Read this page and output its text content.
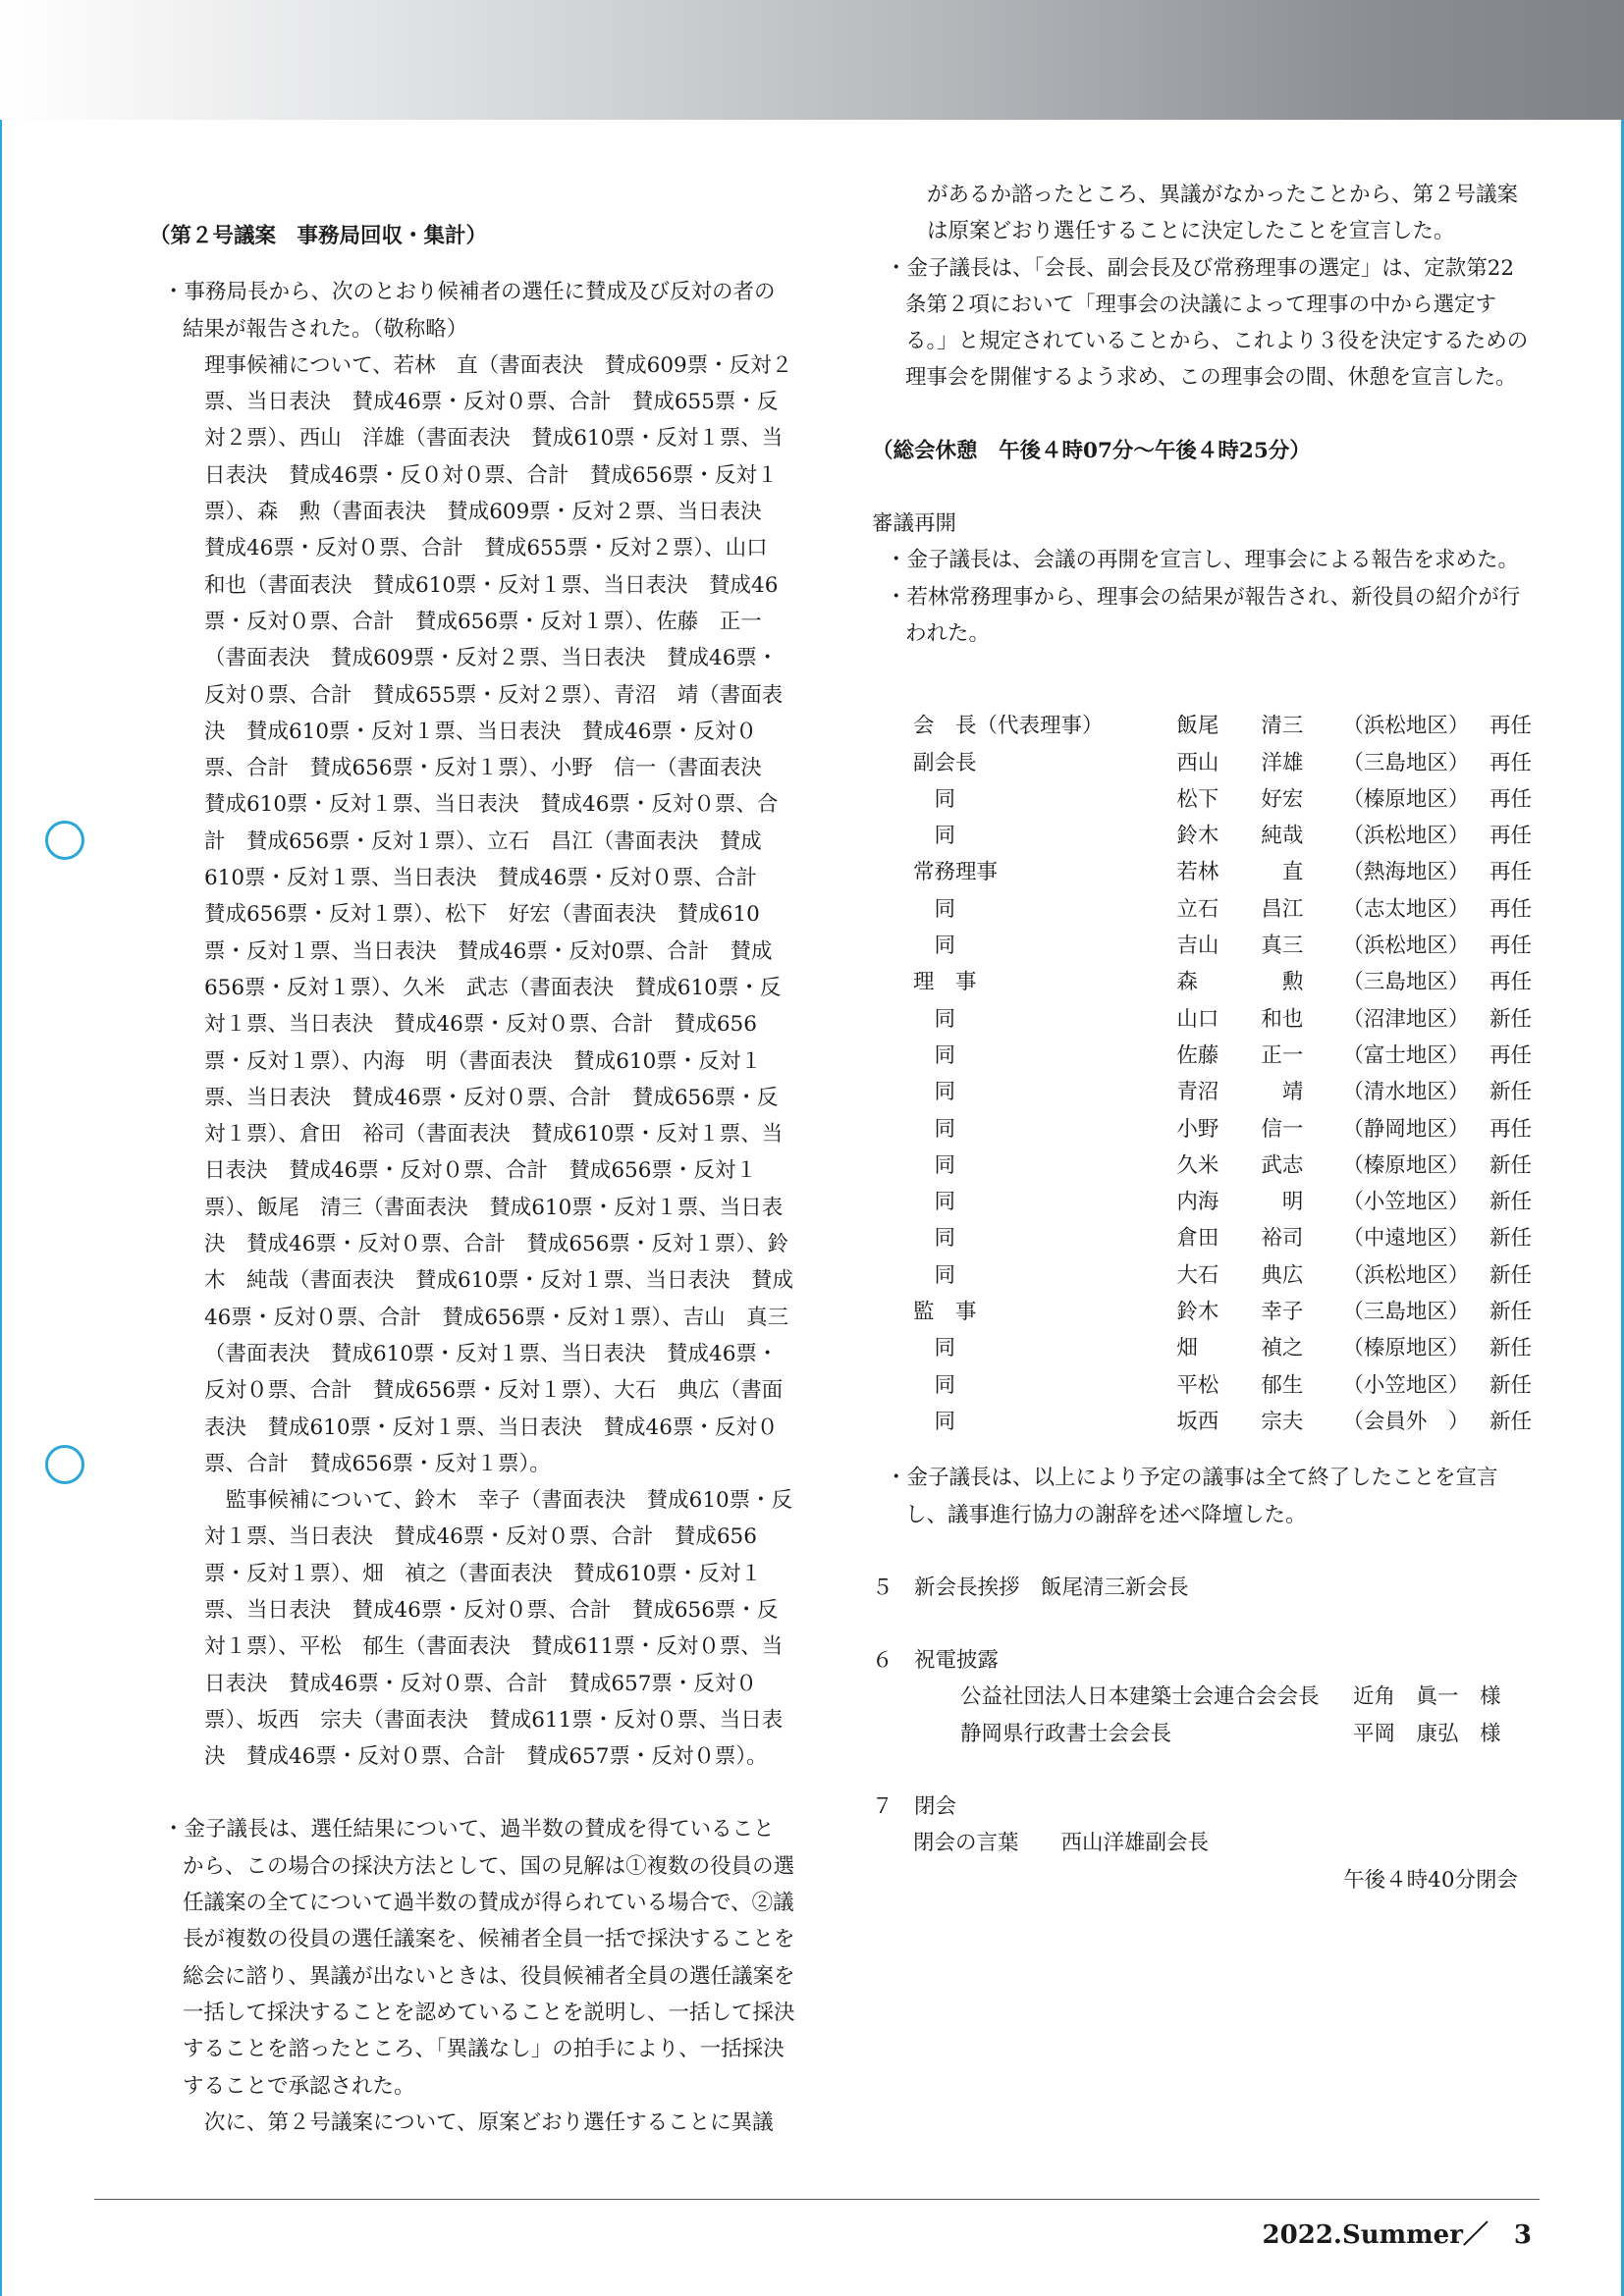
（第２号議案　事務局回収・集計）

・事務局長から、次のとおり候補者の選任に賛成及び反対の者の結果が報告された。（敬称略）

理事候補について、若林　直（書面表決　賛成609票・反対２票、当日表決　賛成46票・反対０票、合計　賛成655票・反対２票）、西山　洋雄（書面表決　賛成610票・反対１票、当日表決　賛成46票・反０対０票、合計　賛成656票・反対１票）、森　勲（書面表決　賛成609票・反対２票、当日表決　賛成46票・反対０票、合計　賛成655票・反対２票）、山口　和也（書面表決　賛成610票・反対１票、当日表決　賛成46票・反対０票、合計　賛成656票・反対１票）、佐藤　正一（書面表決　賛成609票・反対２票、当日表決　賛成46票・反対０票、合計　賛成655票・反対２票）、青沼　靖（書面表決　賛成610票・反対１票、当日表決　賛成46票・反対０票、合計　賛成656票・反対１票）、小野　信一（書面表決　賛成610票・反対１票、当日表決　賛成46票・反対０票、合計　賛成656票・反対１票）、立石　昌江（書面表決　賛成610票・反対１票、当日表決　賛成46票・反対０票、合計　賛成656票・反対１票）、松下　好宏（書面表決　賛成610票・反対１票、当日表決　賛成46票・反対0票、合計　賛成656票・反対１票）、久米　武志（書面表決　賛成610票・反対１票、当日表決　賛成46票・反対０票、合計　賛成656票・反対１票）、内海　明（書面表決　賛成610票・反対１票、当日表決　賛成46票・反対０票、合計　賛成656票・反対１票）、倉田　裕司（書面表決　賛成610票・反対１票、当日表決　賛成46票・反対０票、合計　賛成656票・反対１票）、飯尾　清三（書面表決　賛成610票・反対１票、当日表決　賛成46票・反対０票、合計　賛成656票・反対１票）、鈴木　純哉（書面表決　賛成610票・反対１票、当日表決　賛成46票・反対０票、合計　賛成656票・反対１票）、吉山　真三（書面表決　賛成610票・反対１票、当日表決　賛成46票・反対０票、合計　賛成656票・反対１票）、大石　典広（書面表決　賛成610票・反対１票、当日表決　賛成46票・反対０票、合計　賛成656票・反対１票）。

　監事候補について、鈴木　幸子（書面表決　賛成610票・反対１票、当日表決　賛成46票・反対０票、合計　賛成656票・反対１票）、畑　禎之（書面表決　賛成610票・反対１票、当日表決　賛成46票・反対０票、合計　賛成656票・反対１票）、平松　郁生（書面表決　賛成611票・反対０票、当日表決　賛成46票・反対０票、合計　賛成657票・反対０票）、坂西　宗夫（書面表決　賛成611票・反対０票、当日表決　賛成46票・反対０票、合計　賛成657票・反対０票）。

・金子議長は、選任結果について、過半数の賛成を得ていることから、この場合の採決方法として、国の見解は①複数の役員の選任議案の全てについて過半数の賛成が得られている場合で、②議長が複数の役員の選任議案を、候補者全員一括で採決することを総会に諮り、異議が出ないときは、役員候補者全員の選任議案を一括して採決することを認めていることを説明し、一括して採決することを諮ったところ、「異議なし」の拍手により、一括採決することで承認された。

次に、第２号議案について、原案どおり選任することに異議

があるか諮ったところ、異議がなかったことから、第２号議案は原案どおり選任することに決定したことを宣言した。

・金子議長は、「会長、副会長及び常務理事の選定」は、定款第22条第２項において「理事会の決議によって理事の中から選定する。」と規定されていることから、これより３役を決定するための理事会を開催するよう求め、この理事会の間、休憩を宣言した。

（総会休憩　午後４時07分～午後４時25分）

審議再開

・金子議長は、会議の再開を宣言し、理事会による報告を求めた。

・若林常務理事から、理事会の結果が報告され、新役員の紹介が行われた。

会　長（代表理事）	飯尾　　清三	（浜松地区）	再任
副会長	西山　　洋雄	（三島地区）	再任
　同	松下　　好宏	（榛原地区）	再任
　同	鈴木　　純哉	（浜松地区）	再任
常務理事	若林　　　直	（熱海地区）	再任
　同	立石　　昌江	（志太地区）	再任
　同	吉山　　真三	（浜松地区）	再任
理　事	森　　　　勲	（三島地区）	再任
　同	山口　　和也	（沼津地区）	新任
　同	佐藤　　正一	（富士地区）	再任
　同	青沼　　　靖	（清水地区）	新任
　同	小野　　信一	（静岡地区）	再任
　同	久米　　武志	（榛原地区）	新任
　同	内海　　　明	（小笠地区）	新任
　同	倉田　　裕司	（中遠地区）	新任
　同	大石　　典広	（浜松地区）	新任
監　事	鈴木　　幸子	（三島地区）	新任
　同	畑　　　禎之	（榛原地区）	新任
　同	平松　　郁生	（小笠地区）	新任
　同	坂西　　宗夫	（会員外　）	新任

・金子議長は、以上により予定の議事は全て終了したことを宣言し、議事進行協力の謝辞を述べ降壇した。

５　新会長挨拶　飯尾清三新会長

６　祝電披露

公益社団法人日本建築士会連合会会長	近角　眞一　様
静岡県行政書士会会長	平岡　康弘　様

７　閉会

閉会の言葉　　西山洋雄副会長

午後４時40分閉会

2022.Summer／　3
